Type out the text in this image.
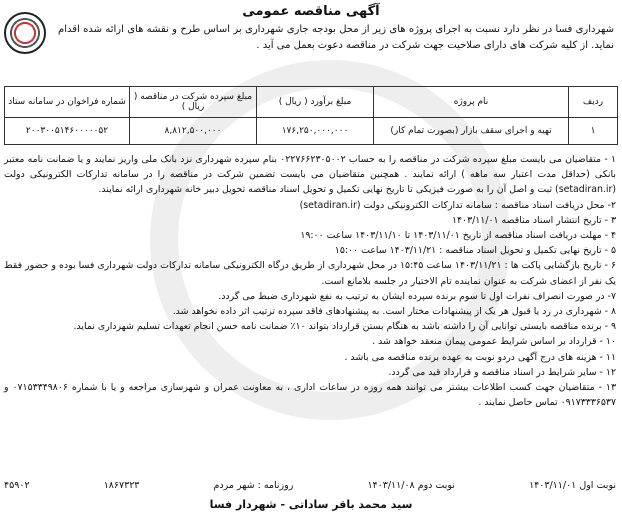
آگهی مناقصه عمومی
شهرداری فسا در نظر دارد نسبت به اجرای پروژه های زیر از محل بودجه جاری شهرداری بر اساس طرح و نقشه های ارائه شده اقدام نماید. از کلیه شرکت های دارای صلاحیت جهت شرکت در مناقصه دعوت بعمل می آید .
ردیف	نام پروژه	مبلغ برآورد ( ریال )	مبلغ سپرده شرکت در مناقصه ( ریال )	شماره فراخوان در سامانه ستاد
۱	تهیه و اجرای سقف بازار (بصورت تمام کار)	۱۷۶,۲۵۰,۰۰۰,۰۰۰	۸,۸۱۲,۵۰۰,۰۰۰	۲۰۰۳۰۰۵۱۴۶۰۰۰۰۰۵۲

۱ - متقاضیان می بایست مبلغ سپرده شرکت در مناقصه را به حساب ۰۲۲۷۶۶۲۳۰۵۰۰۲ بنام سپرده شهرداری نزد بانک ملی واریز نمایند و یا ضمانت نامه معتبر بانکی (حداقل مدت اعتبار سه ماهه ) ارائه نمایند . همچنین متقاضیان می بایست تضمین شرکت در مناقصه را در سامانه تدارکات الکترونیکی دولت (setadiran.ir) ثبت و اصل آن را به صورت فیزیکی تا تاریخ نهایی تکمیل و تحویل اسناد مناقصه تحویل دبیر خانه شهرداری ارائه نمایند.

۲- محل دریافت اسناد مناقصه : سامانه تدارکات الکترونیکی دولت (setadiran.ir)

۳ - تاریخ انتشار اسناد مناقصه ۱۴۰۳/۱۱/۰۱

۴ - مهلت دریافت اسناد مناقصه از تاریخ ۱۴۰۳/۱۱/۰۱ تا ۱۴۰۳/۱۱/۱۰ ساعت ۱۹:۰۰

۵ - تاریخ نهایی تکمیل و تحویل اسناد مناقصه : ۱۴۰۳/۱۱/۲۱ ساعت ۱۵:۰۰

۶ - تاریخ بازگشایی پاکت ها : ۱۴۰۳/۱۱/۲۱ ساعت ۱۵:۴۵ در محل شهرداری از طریق درگاه الکترونیکی سامانه تدارکات دولت شهرداری فسا بوده و حضور فقط یک نفر از اعضای شرکت به عنوان نماینده تام الاختیار در جلسه بلامانع است.

۷- در صورت انصراف نفرات اول تا سوم برنده سپرده ایشان به ترتیب به نفع شهرداری ضبط می گردد.

۸ - شهرداری در رد یا قبول هر یک از پیشنهادات مختار است. به پیشنهادهای فاقد سپرده ترتیب اثر داده نخواهد شد.

۹ - برنده مناقصه بایستی توانایی آن را داشته باشد به هنگام بستن قرارداد بتواند ۱۰٪ ضمانت نامه حسن انجام تعهدات تسلیم شهرداری نماید.

۱۰ - قرارداد بر اساس شرایط عمومی پیمان منعقد خواهد شد .

۱۱ - هزینه های درج آگهی دردو نوبت به عهده برنده مناقصه می باشد .

۱۲ - سایر شرایط در اسناد مناقصه و قرارداد قید می گردد.

۱۳ - متقاضیان جهت کسب اطلاعات بیشتر می توانند همه روزه در ساعات اداری ، به معاونت عمران و شهرسازی مراجعه و یا با شماره ۰۷۱۵۳۳۴۹۸۰۶ و ۰۹۱۷۳۳۳۶۵۳۷ تماس حاصل نمایند .

نوبت اول ۱۴۰۳/۱۱/۰۱
نوبت دوم ۱۴۰۳/۱۱/۰۸
روزنامه : شهر مردم
۱۸۶۷۳۲۳
۴۵۹۰۲
سید محمد باقر ساداتی - شهردار فسا
